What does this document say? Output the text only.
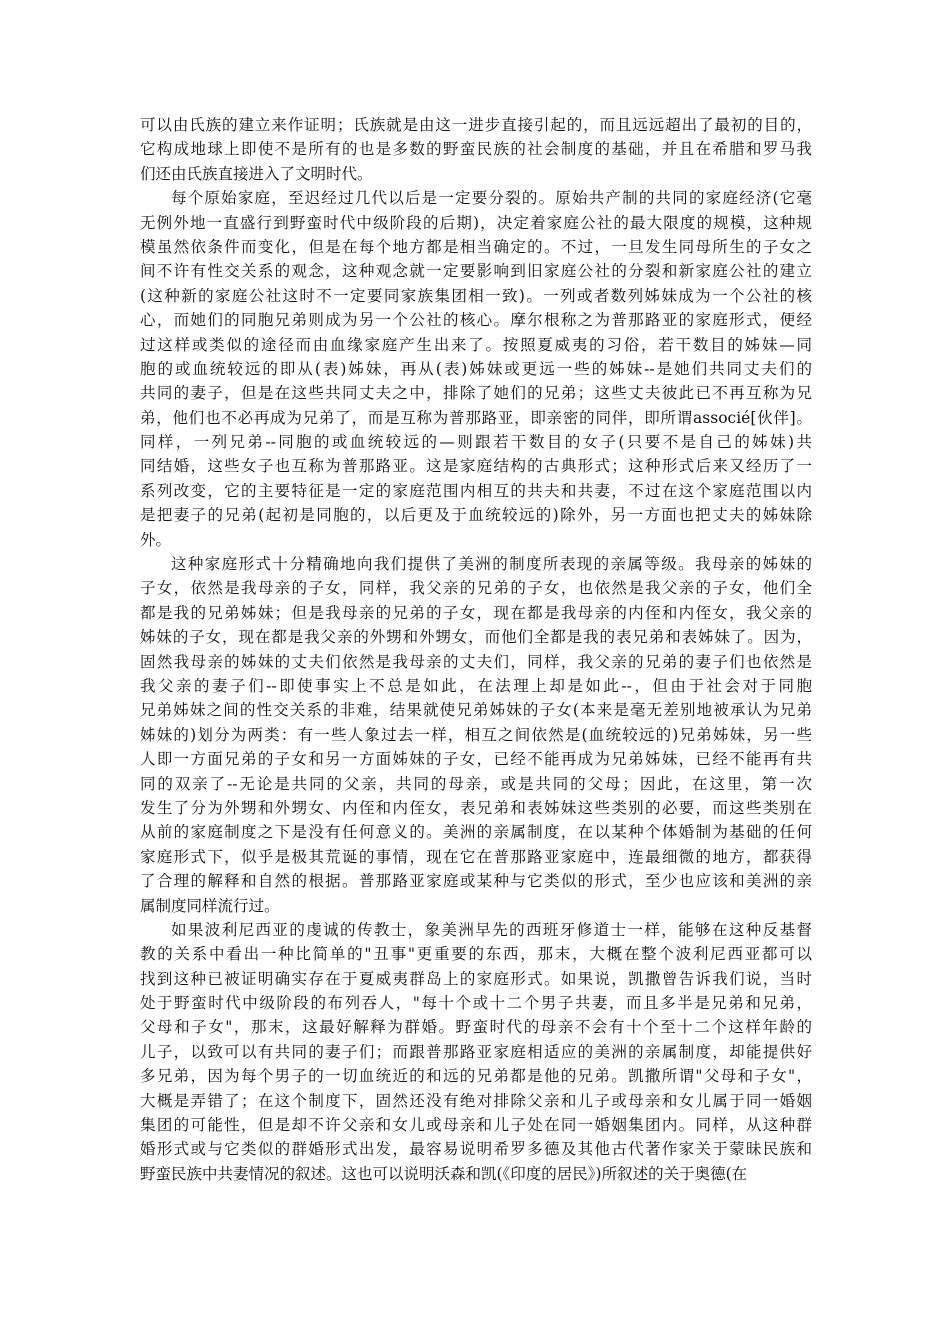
可以由氏族的建立来作证明；氏族就是由这一进步直接引起的，而且远远超出了最初的目的，
它构成地球上即使不是所有的也是多数的野蛮民族的社会制度的基础，并且在希腊和罗马我
们还由氏族直接进入了文明时代。
每个原始家庭，至迟经过几代以后是一定要分裂的。原始共产制的共同的家庭经济(它毫
无例外地一直盛行到野蛮时代中级阶段的后期)，决定着家庭公社的最大限度的规模，这种规
模虽然依条件而变化，但是在每个地方都是相当确定的。不过，一旦发生同母所生的子女之
间不许有性交关系的观念，这种观念就一定要影响到旧家庭公社的分裂和新家庭公社的建立
(这种新的家庭公社这时不一定要同家族集团相一致)。一列或者数列姊妹成为一个公社的核
心，而她们的同胞兄弟则成为另一个公社的核心。摩尔根称之为普那路亚的家庭形式，便经
过这样或类似的途径而由血缘家庭产生出来了。按照夏威夷的习俗，若干数目的姊妹—同
胞的或血统较远的即从(表)姊妹，再从(表)姊妹或更远一些的姊妹--是她们共同丈夫们的
共同的妻子，但是在这些共同丈夫之中，排除了她们的兄弟；这些丈夫彼此已不再互称为兄
弟，他们也不必再成为兄弟了，而是互称为普那路亚，即亲密的同伴，即所谓associé[伙伴]。
同样，一列兄弟--同胞的或血统较远的—则跟若干数目的女子(只要不是自己的姊妹)共
同结婚，这些女子也互称为普那路亚。这是家庭结构的古典形式；这种形式后来又经历了一
系列改变，它的主要特征是一定的家庭范围内相互的共夫和共妻，不过在这个家庭范围以内
是把妻子的兄弟(起初是同胞的，以后更及于血统较远的)除外，另一方面也把丈夫的姊妹除
外。
这种家庭形式十分精确地向我们提供了美洲的制度所表现的亲属等级。我母亲的姊妹的
子女，依然是我母亲的子女，同样，我父亲的兄弟的子女，也依然是我父亲的子女，他们全
都是我的兄弟姊妹；但是我母亲的兄弟的子女，现在都是我母亲的内侄和内侄女，我父亲的
姊妹的子女，现在都是我父亲的外甥和外甥女，而他们全都是我的表兄弟和表姊妹了。因为，
固然我母亲的姊妹的丈夫们依然是我母亲的丈夫们，同样，我父亲的兄弟的妻子们也依然是
我父亲的妻子们--即使事实上不总是如此，在法理上却是如此--，但由于社会对于同胞
兄弟姊妹之间的性交关系的非难，结果就使兄弟姊妹的子女(本来是毫无差别地被承认为兄弟
姊妹的)划分为两类：有一些人象过去一样，相互之间依然是(血统较远的)兄弟姊妹，另一些
人即一方面兄弟的子女和另一方面姊妹的子女，已经不能再成为兄弟姊妹，已经不能再有共
同的双亲了--无论是共同的父亲，共同的母亲，或是共同的父母；因此，在这里，第一次
发生了分为外甥和外甥女、内侄和内侄女，表兄弟和表姊妹这些类别的必要，而这些类别在
从前的家庭制度之下是没有任何意义的。美洲的亲属制度，在以某种个体婚制为基础的任何
家庭形式下，似乎是极其荒诞的事情，现在它在普那路亚家庭中，连最细微的地方，都获得
了合理的解释和自然的根据。普那路亚家庭或某种与它类似的形式，至少也应该和美洲的亲
属制度同样流行过。
如果波利尼西亚的虔诚的传教士，象美洲早先的西班牙修道士一样，能够在这种反基督
教的关系中看出一种比简单的"丑事"更重要的东西，那末，大概在整个波利尼西亚都可以
找到这种已被证明确实存在于夏威夷群岛上的家庭形式。如果说，凯撒曾告诉我们说，当时
处于野蛮时代中级阶段的布列吞人，"每十个或十二个男子共妻，而且多半是兄弟和兄弟，
父母和子女"，那末，这最好解释为群婚。野蛮时代的母亲不会有十个至十二个这样年龄的
儿子，以致可以有共同的妻子们；而跟普那路亚家庭相适应的美洲的亲属制度，却能提供好
多兄弟，因为每个男子的一切血统近的和远的兄弟都是他的兄弟。凯撒所谓"父母和子女"，
大概是弄错了；在这个制度下，固然还没有绝对排除父亲和儿子或母亲和女儿属于同一婚姻
集团的可能性，但是却不许父亲和女儿或母亲和儿子处在同一婚姻集团内。同样，从这种群
婚形式或与它类似的群婚形式出发，最容易说明希罗多德及其他古代著作家关于蒙昧民族和
野蛮民族中共妻情况的叙述。这也可以说明沃森和凯(《印度的居民》)所叙述的关于奥德(在
